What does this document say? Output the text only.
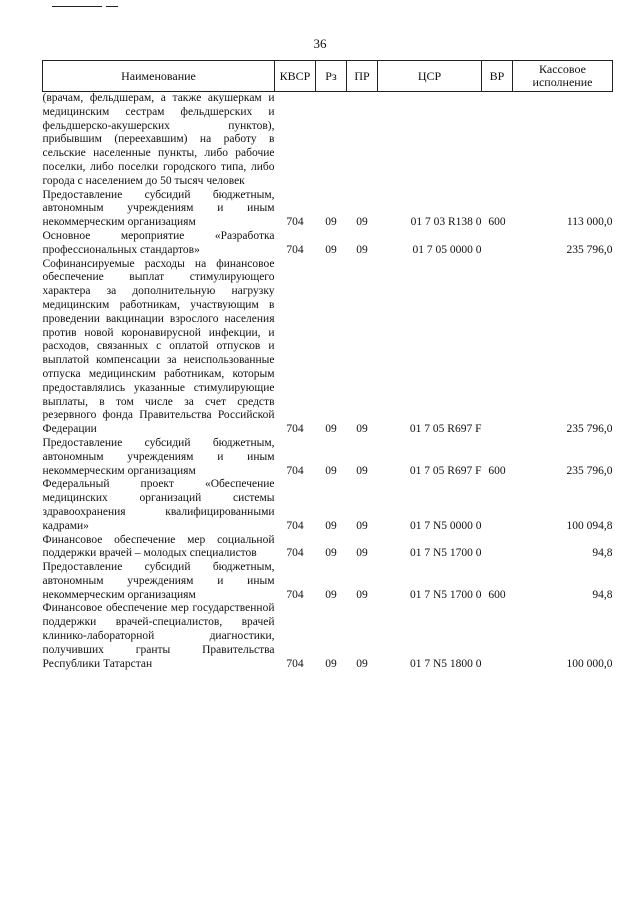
36
Наименование	КВСР	Рз	ПР	ЦСР	ВР	Кассовое исполнение
(врачам, фельдшерам, а также акушеркам и медицинским сестрам фельдшерских и фельдшерско-акушерских пунктов), прибывшим (переехавшим) на работу в сельские населенные пункты, либо рабочие поселки, либо поселки городского типа, либо города с населением до 50 тысяч человек						
Предоставление субсидий бюджетным, автономным учреждениям и иным некоммерческим организациям	704	09	09	01 7 03 R138 0	600	113 000,0
Основное мероприятие «Разработка профессиональных стандартов»	704	09	09	01 7 05 0000 0		235 796,0
Софинансируемые расходы на финансовое обеспечение выплат стимулирующего характера за дополнительную нагрузку медицинским работникам, участвующим в проведении вакцинации взрослого населения против новой коронавирусной инфекции, и расходов, связанных с оплатой отпусков и выплатой компенсации за неиспользованные отпуска медицинским работникам, которым предоставлялись указанные стимулирующие выплаты, в том числе за счет средств резервного фонда Правительства Российской Федерации	704	09	09	01 7 05 R697 F		235 796,0
Предоставление субсидий бюджетным, автономным учреждениям и иным некоммерческим организациям	704	09	09	01 7 05 R697 F	600	235 796,0
Федеральный проект «Обеспечение медицинских организаций системы здравоохранения квалифицированными кадрами»	704	09	09	01 7 N5 0000 0		100 094,8
Финансовое обеспечение мер социальной поддержки врачей – молодых специалистов	704	09	09	01 7 N5 1700 0		94,8
Предоставление субсидий бюджетным, автономным учреждениям и иным некоммерческим организациям	704	09	09	01 7 N5 1700 0	600	94,8
Финансовое обеспечение мер государственной поддержки врачей-специалистов, врачей клинико-лабораторной диагностики, получивших гранты Правительства Республики Татарстан	704	09	09	01 7 N5 1800 0		100 000,0
